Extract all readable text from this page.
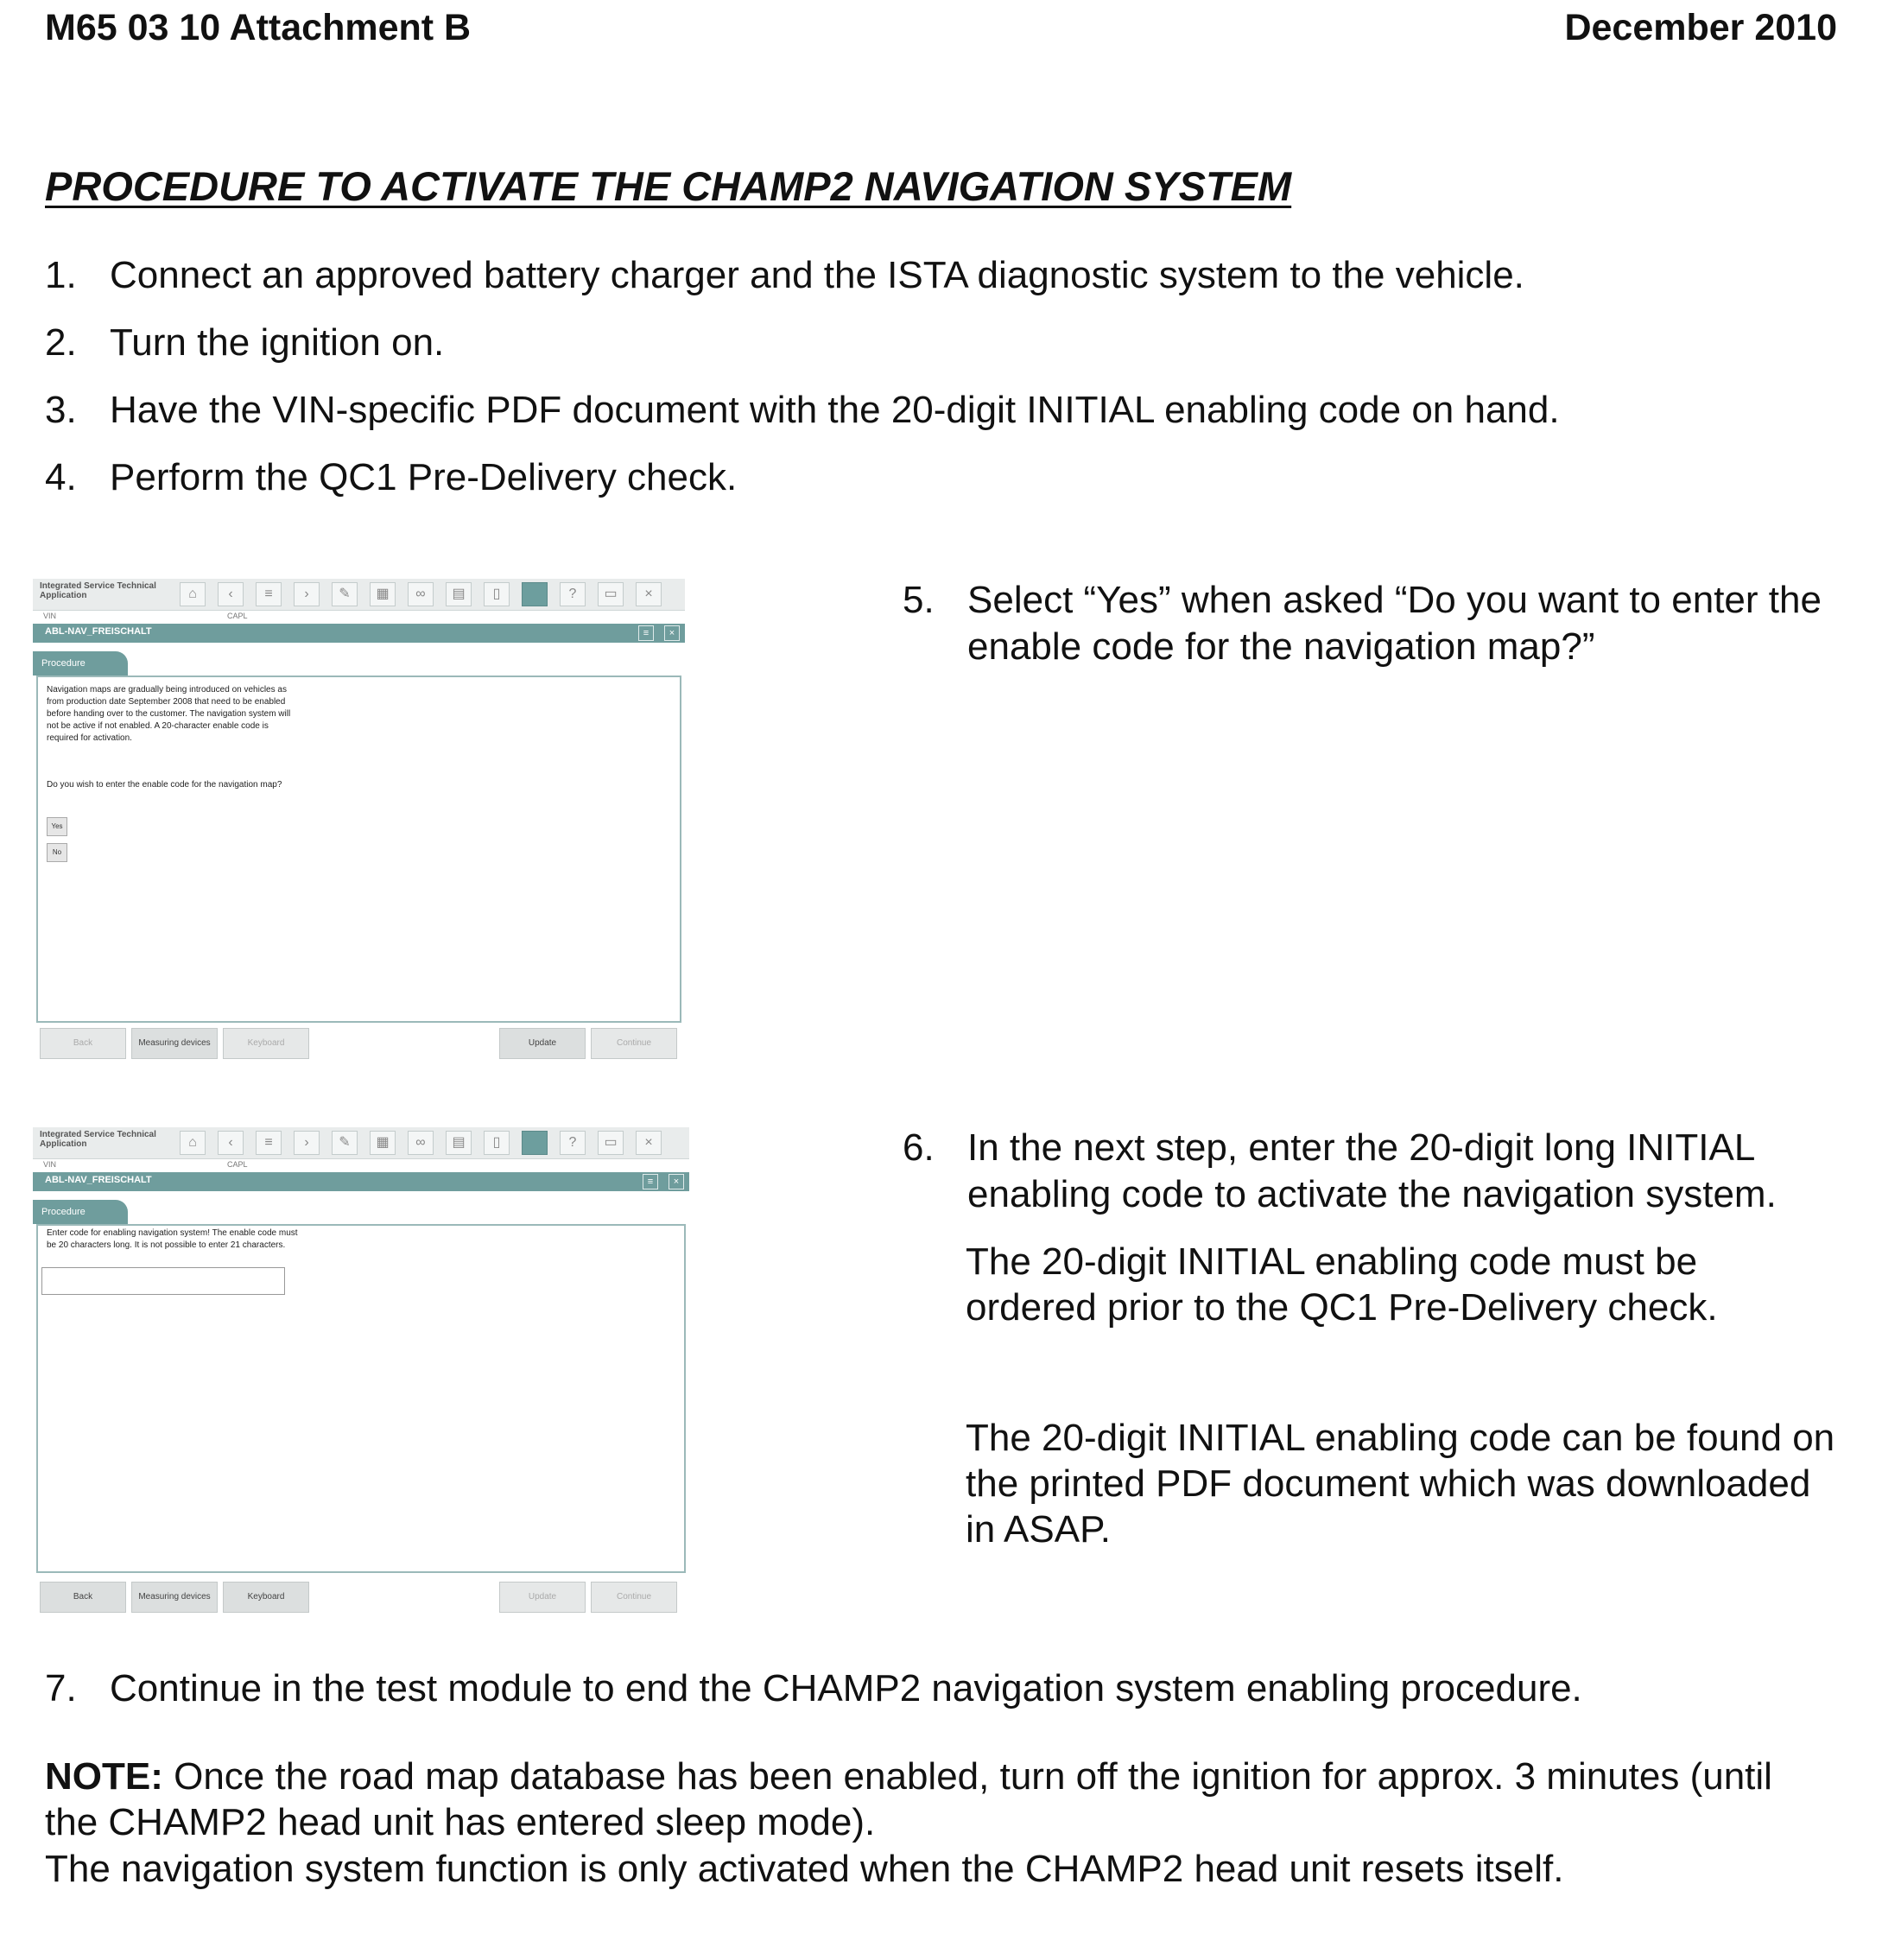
M65 03 10 Attachment B	December 2010
PROCEDURE TO ACTIVATE THE CHAMP2 NAVIGATION SYSTEM
1. Connect an approved battery charger and the ISTA diagnostic system to the vehicle.
2. Turn the ignition on.
3. Have the VIN-specific PDF document with the 20-digit INITIAL enabling code on hand.
4. Perform the QC1 Pre-Delivery check.
Integrated Service Technical Application	⌂	‹	≡	›	✎	▦	∞	▤	▯	?	▭	×
VIN	CAPL
ABL-NAV_FREISCHALT	≡	×
Procedure
Navigation maps are gradually being introduced on vehicles as from production date September 2008 that need to be enabled before handing over to the customer. The navigation system will not be active if not enabled. A 20-character enable code is required for activation.
Do you wish to enter the enable code for the navigation map?
Yes
No
Back	Measuring devices	Keyboard	Update	Continue
5. Select “Yes” when asked “Do you want to enter the enable code for the navigation map?”
Integrated Service Technical Application	⌂	‹	≡	›	✎	▦	∞	▤	▯	?	▭	×
VIN	CAPL
ABL-NAV_FREISCHALT	≡	×
Procedure
Enter code for enabling navigation system! The enable code must be 20 characters long. It is not possible to enter 21 characters.
Back	Measuring devices	Keyboard	Update	Continue
6. In the next step, enter the 20-digit long INITIAL enabling code to activate the navigation system.
The 20-digit INITIAL enabling code must be ordered prior to the QC1 Pre-Delivery check.
The 20-digit INITIAL enabling code can be found on the printed PDF document which was downloaded in ASAP.
7. Continue in the test module to end the CHAMP2 navigation system enabling procedure.
NOTE: Once the road map database has been enabled, turn off the ignition for approx. 3 minutes (until the CHAMP2 head unit has entered sleep mode).
The navigation system function is only activated when the CHAMP2 head unit resets itself.
